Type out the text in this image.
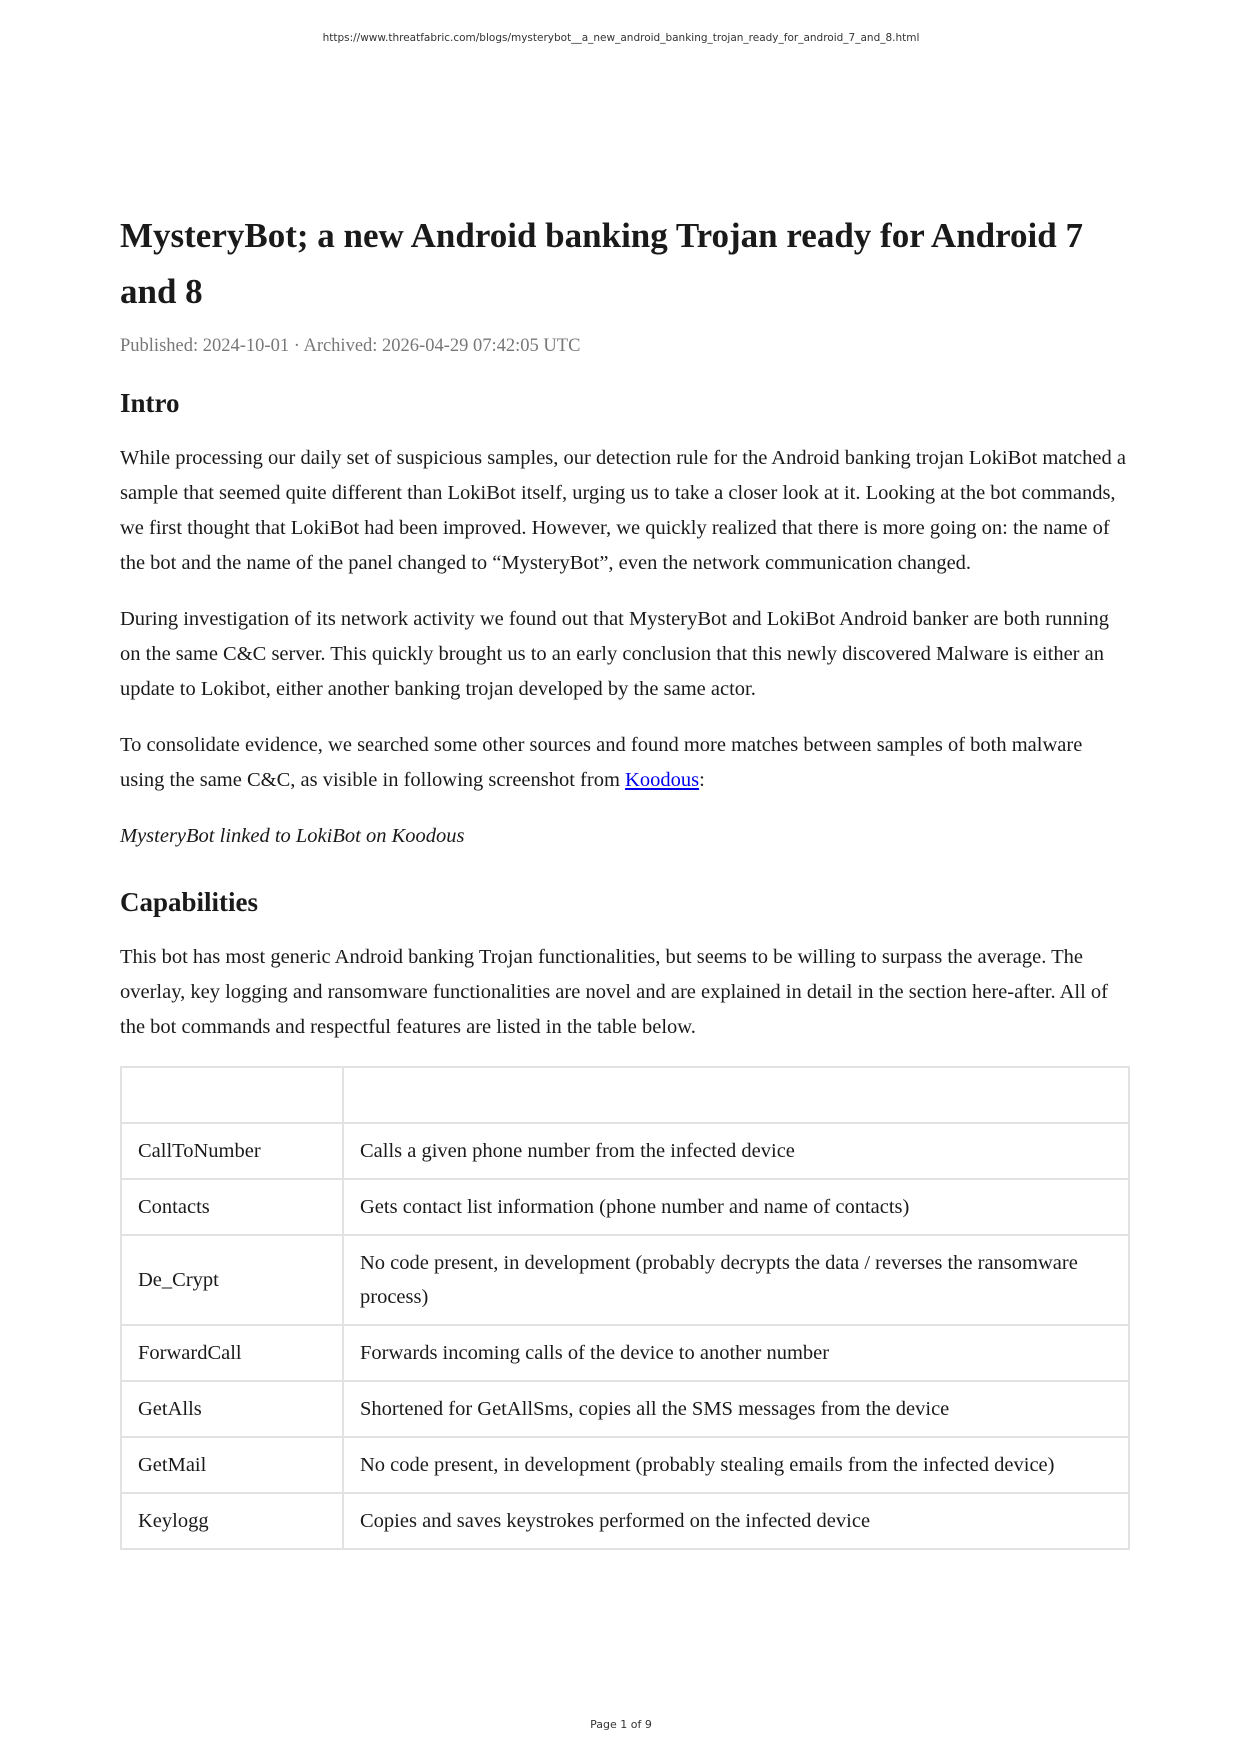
https://www.threatfabric.com/blogs/mysterybot__a_new_android_banking_trojan_ready_for_android_7_and_8.html
MysteryBot; a new Android banking Trojan ready for Android 7 and 8
Published: 2024-10-01 · Archived: 2026-04-29 07:42:05 UTC
Intro

While processing our daily set of suspicious samples, our detection rule for the Android banking trojan LokiBot matched a sample that seemed quite different than LokiBot itself, urging us to take a closer look at it. Looking at the bot commands, we first thought that LokiBot had been improved. However, we quickly realized that there is more going on: the name of the bot and the name of the panel changed to “MysteryBot”, even the network communication changed.

During investigation of its network activity we found out that MysteryBot and LokiBot Android banker are both running on the same C&C server. This quickly brought us to an early conclusion that this newly discovered Malware is either an update to Lokibot, either another banking trojan developed by the same actor.

To consolidate evidence, we searched some other sources and found more matches between samples of both malware using the same C&C, as visible in following screenshot from Koodous:

MysteryBot linked to LokiBot on Koodous

Capabilities

This bot has most generic Android banking Trojan functionalities, but seems to be willing to surpass the average. The overlay, key logging and ransomware functionalities are novel and are explained in detail in the section here-after. All of the bot commands and respectful features are listed in the table below.

CallToNumber	Calls a given phone number from the infected device
Contacts	Gets contact list information (phone number and name of contacts)
De_Crypt	No code present, in development (probably decrypts the data / reverses the ransomware process)
ForwardCall	Forwards incoming calls of the device to another number
GetAlls	Shortened for GetAllSms, copies all the SMS messages from the device
GetMail	No code present, in development (probably stealing emails from the infected device)
Keylogg	Copies and saves keystrokes performed on the infected device
Page 1 of 9
